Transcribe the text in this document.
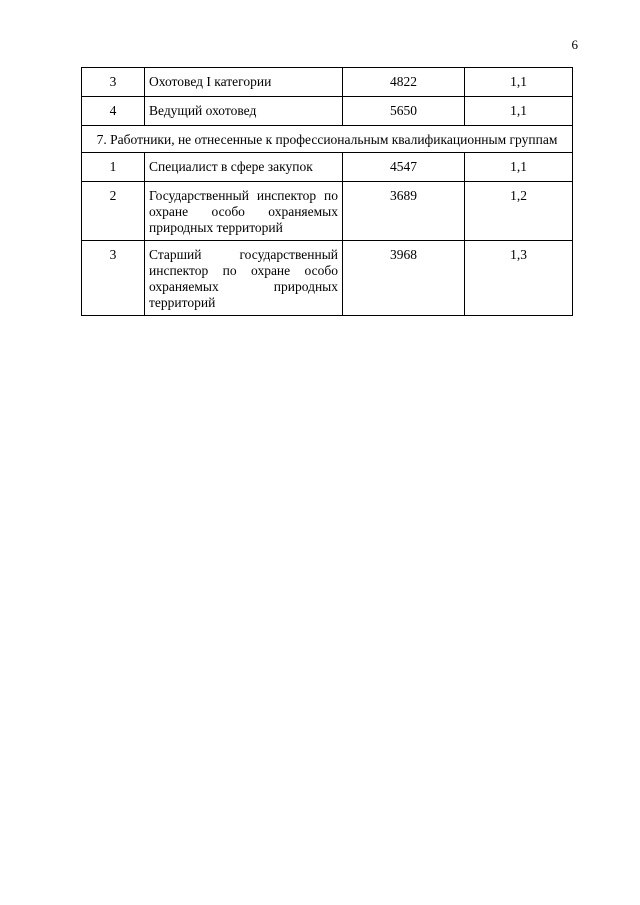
6
3	Охотовед I категории	4822	1,1
4	Ведущий охотовед	5650	1,1
7. Работники, не отнесенные к профессиональным квалификационным группам			
1	Специалист в сфере закупок	4547	1,1
2	Государственный инспектор по охране особо охраняемых природных территорий	3689	1,2
3	Старший государственный инспектор по охране особо охраняемых природных территорий	3968	1,3
